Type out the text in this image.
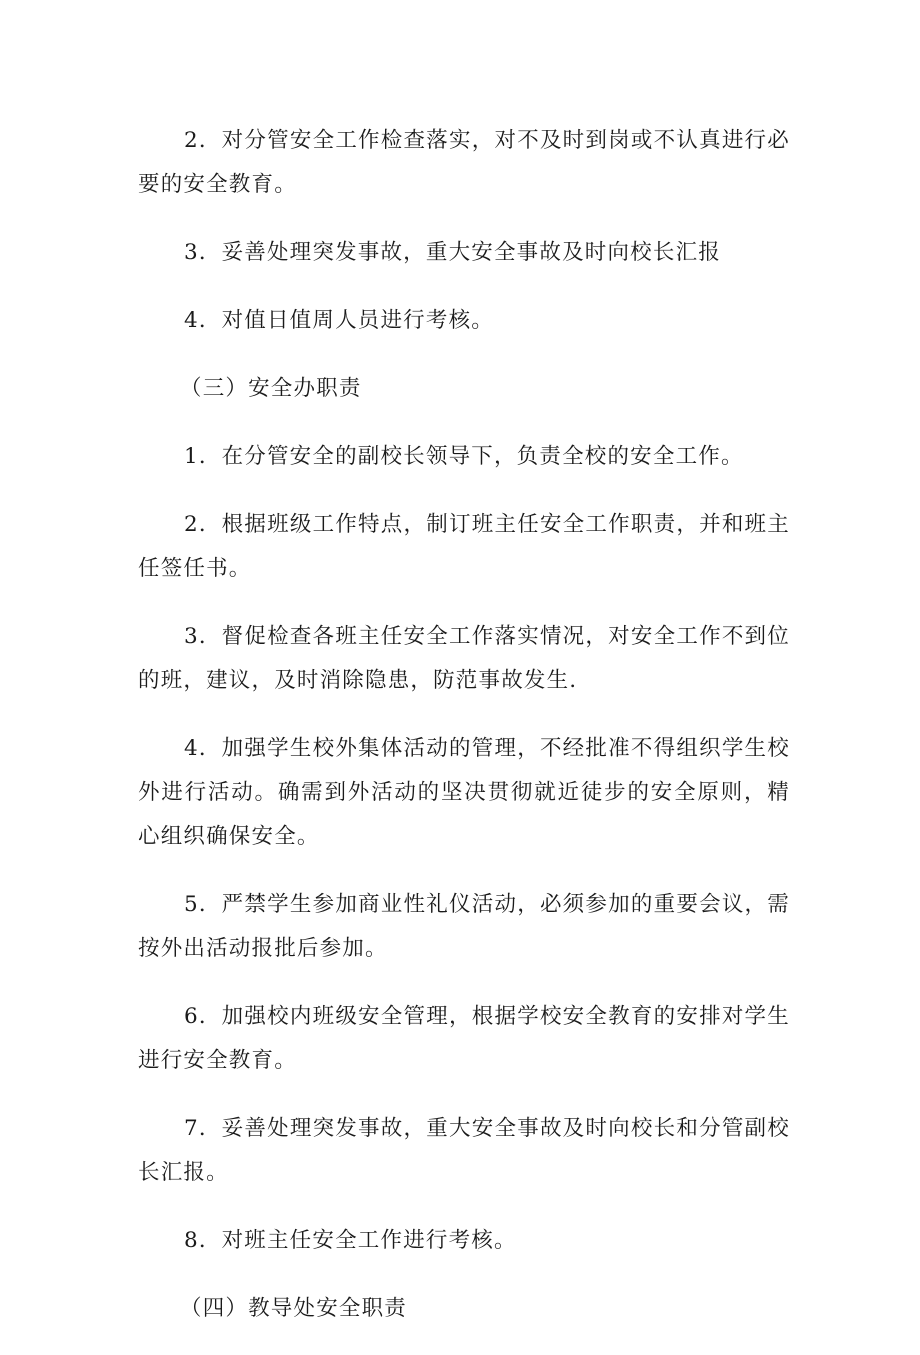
2．对分管安全工作检查落实，对不及时到岗或不认真进行必要的安全教育。

3．妥善处理突发事故，重大安全事故及时向校长汇报

4．对值日值周人员进行考核。

（三）安全办职责

1．在分管安全的副校长领导下，负责全校的安全工作。

2．根据班级工作特点，制订班主任安全工作职责，并和班主任签任书。

3．督促检查各班主任安全工作落实情况，对安全工作不到位的班，建议，及时消除隐患，防范事故发生.

4．加强学生校外集体活动的管理，不经批准不得组织学生校外进行活动。确需到外活动的坚决贯彻就近徒步的安全原则，精心组织确保安全。

5．严禁学生参加商业性礼仪活动，必须参加的重要会议，需按外出活动报批后参加。

6．加强校内班级安全管理，根据学校安全教育的安排对学生进行安全教育。

7．妥善处理突发事故，重大安全事故及时向校长和分管副校长汇报。

8．对班主任安全工作进行考核。

（四）教导处安全职责
